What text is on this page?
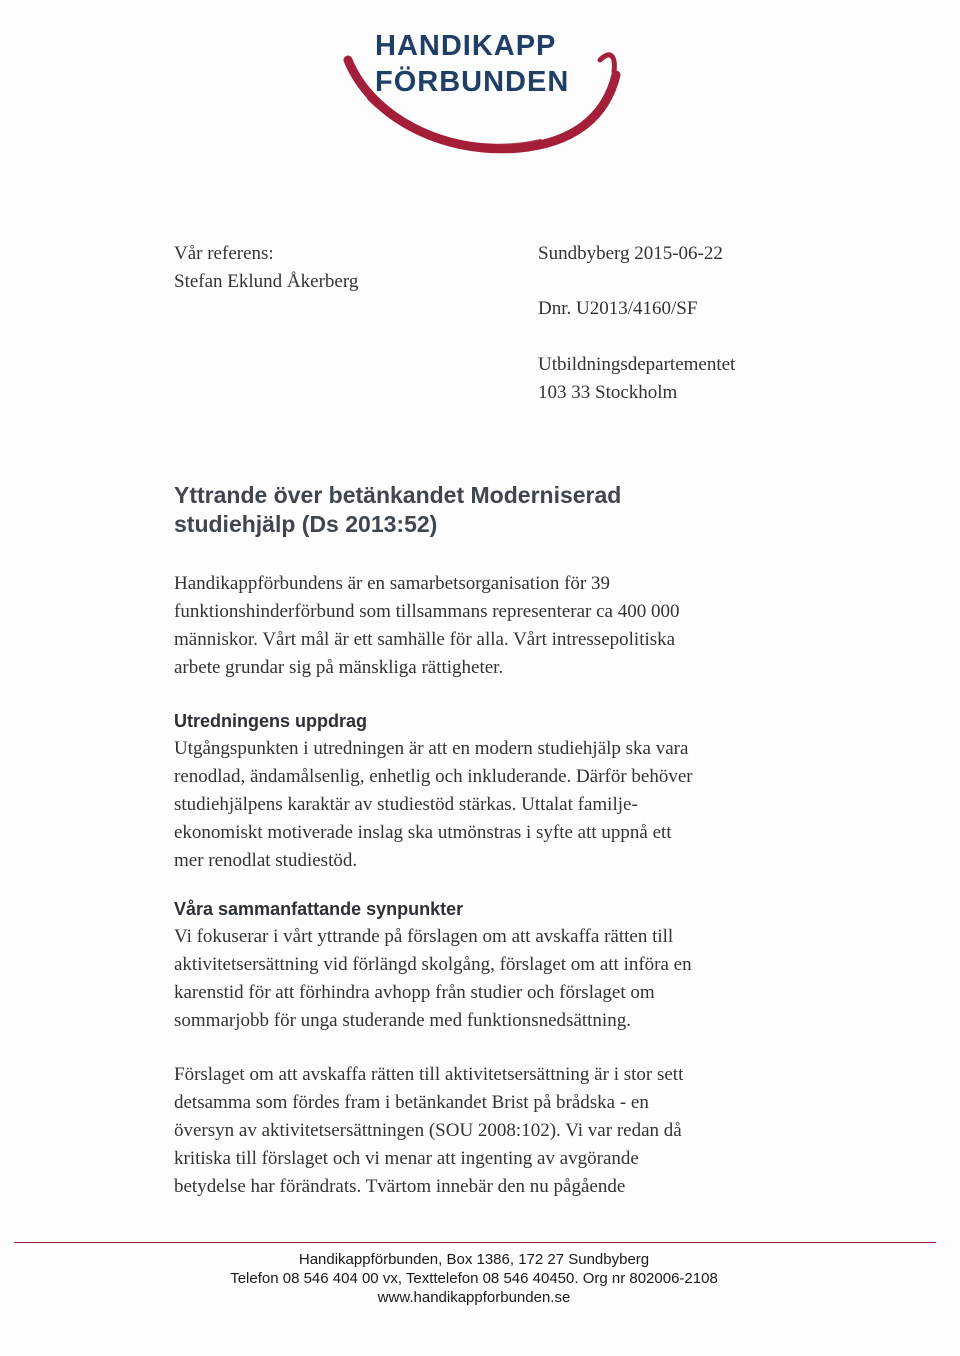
HANDIKAPP

FÖRBUNDEN

Vår referens:

Stefan Eklund Åkerberg

Sundbyberg 2015-06-22

Dnr. U2013/4160/SF

Utbildningsdepartementet

103 33 Stockholm

Yttrande över betänkandet Moderniserad
studiehjälp (Ds 2013:52)
Handikappförbundens är en samarbetsorganisation för 39
funktionshinderförbund som tillsammans representerar ca 400 000
människor. Vårt mål är ett samhälle för alla. Vårt intressepolitiska
arbete grundar sig på mänskliga rättigheter.
Utredningens uppdrag
Utgångspunkten i utredningen är att en modern studiehjälp ska vara
renodlad, ändamålsenlig, enhetlig och inkluderande. Därför behöver
studiehjälpens karaktär av studiestöd stärkas. Uttalat familje-
ekonomiskt motiverade inslag ska utmönstras i syfte att uppnå ett
mer renodlat studiestöd.
Våra sammanfattande synpunkter
Vi fokuserar i vårt yttrande på förslagen om att avskaffa rätten till
aktivitetsersättning vid förlängd skolgång, förslaget om att införa en
karenstid för att förhindra avhopp från studier och förslaget om
sommarjobb för unga studerande med funktionsnedsättning.
Förslaget om att avskaffa rätten till aktivitetsersättning är i stor sett
detsamma som fördes fram i betänkandet Brist på brådska - en
översyn av aktivitetsersättningen (SOU 2008:102). Vi var redan då
kritiska till förslaget och vi menar att ingenting av avgörande
betydelse har förändrats. Tvärtom innebär den nu pågående
Handikappförbunden, Box 1386, 172 27 Sundbyberg
Telefon 08 546 404 00 vx, Texttelefon 08 546 40450. Org nr 802006-2108
www.handikappforbunden.se
